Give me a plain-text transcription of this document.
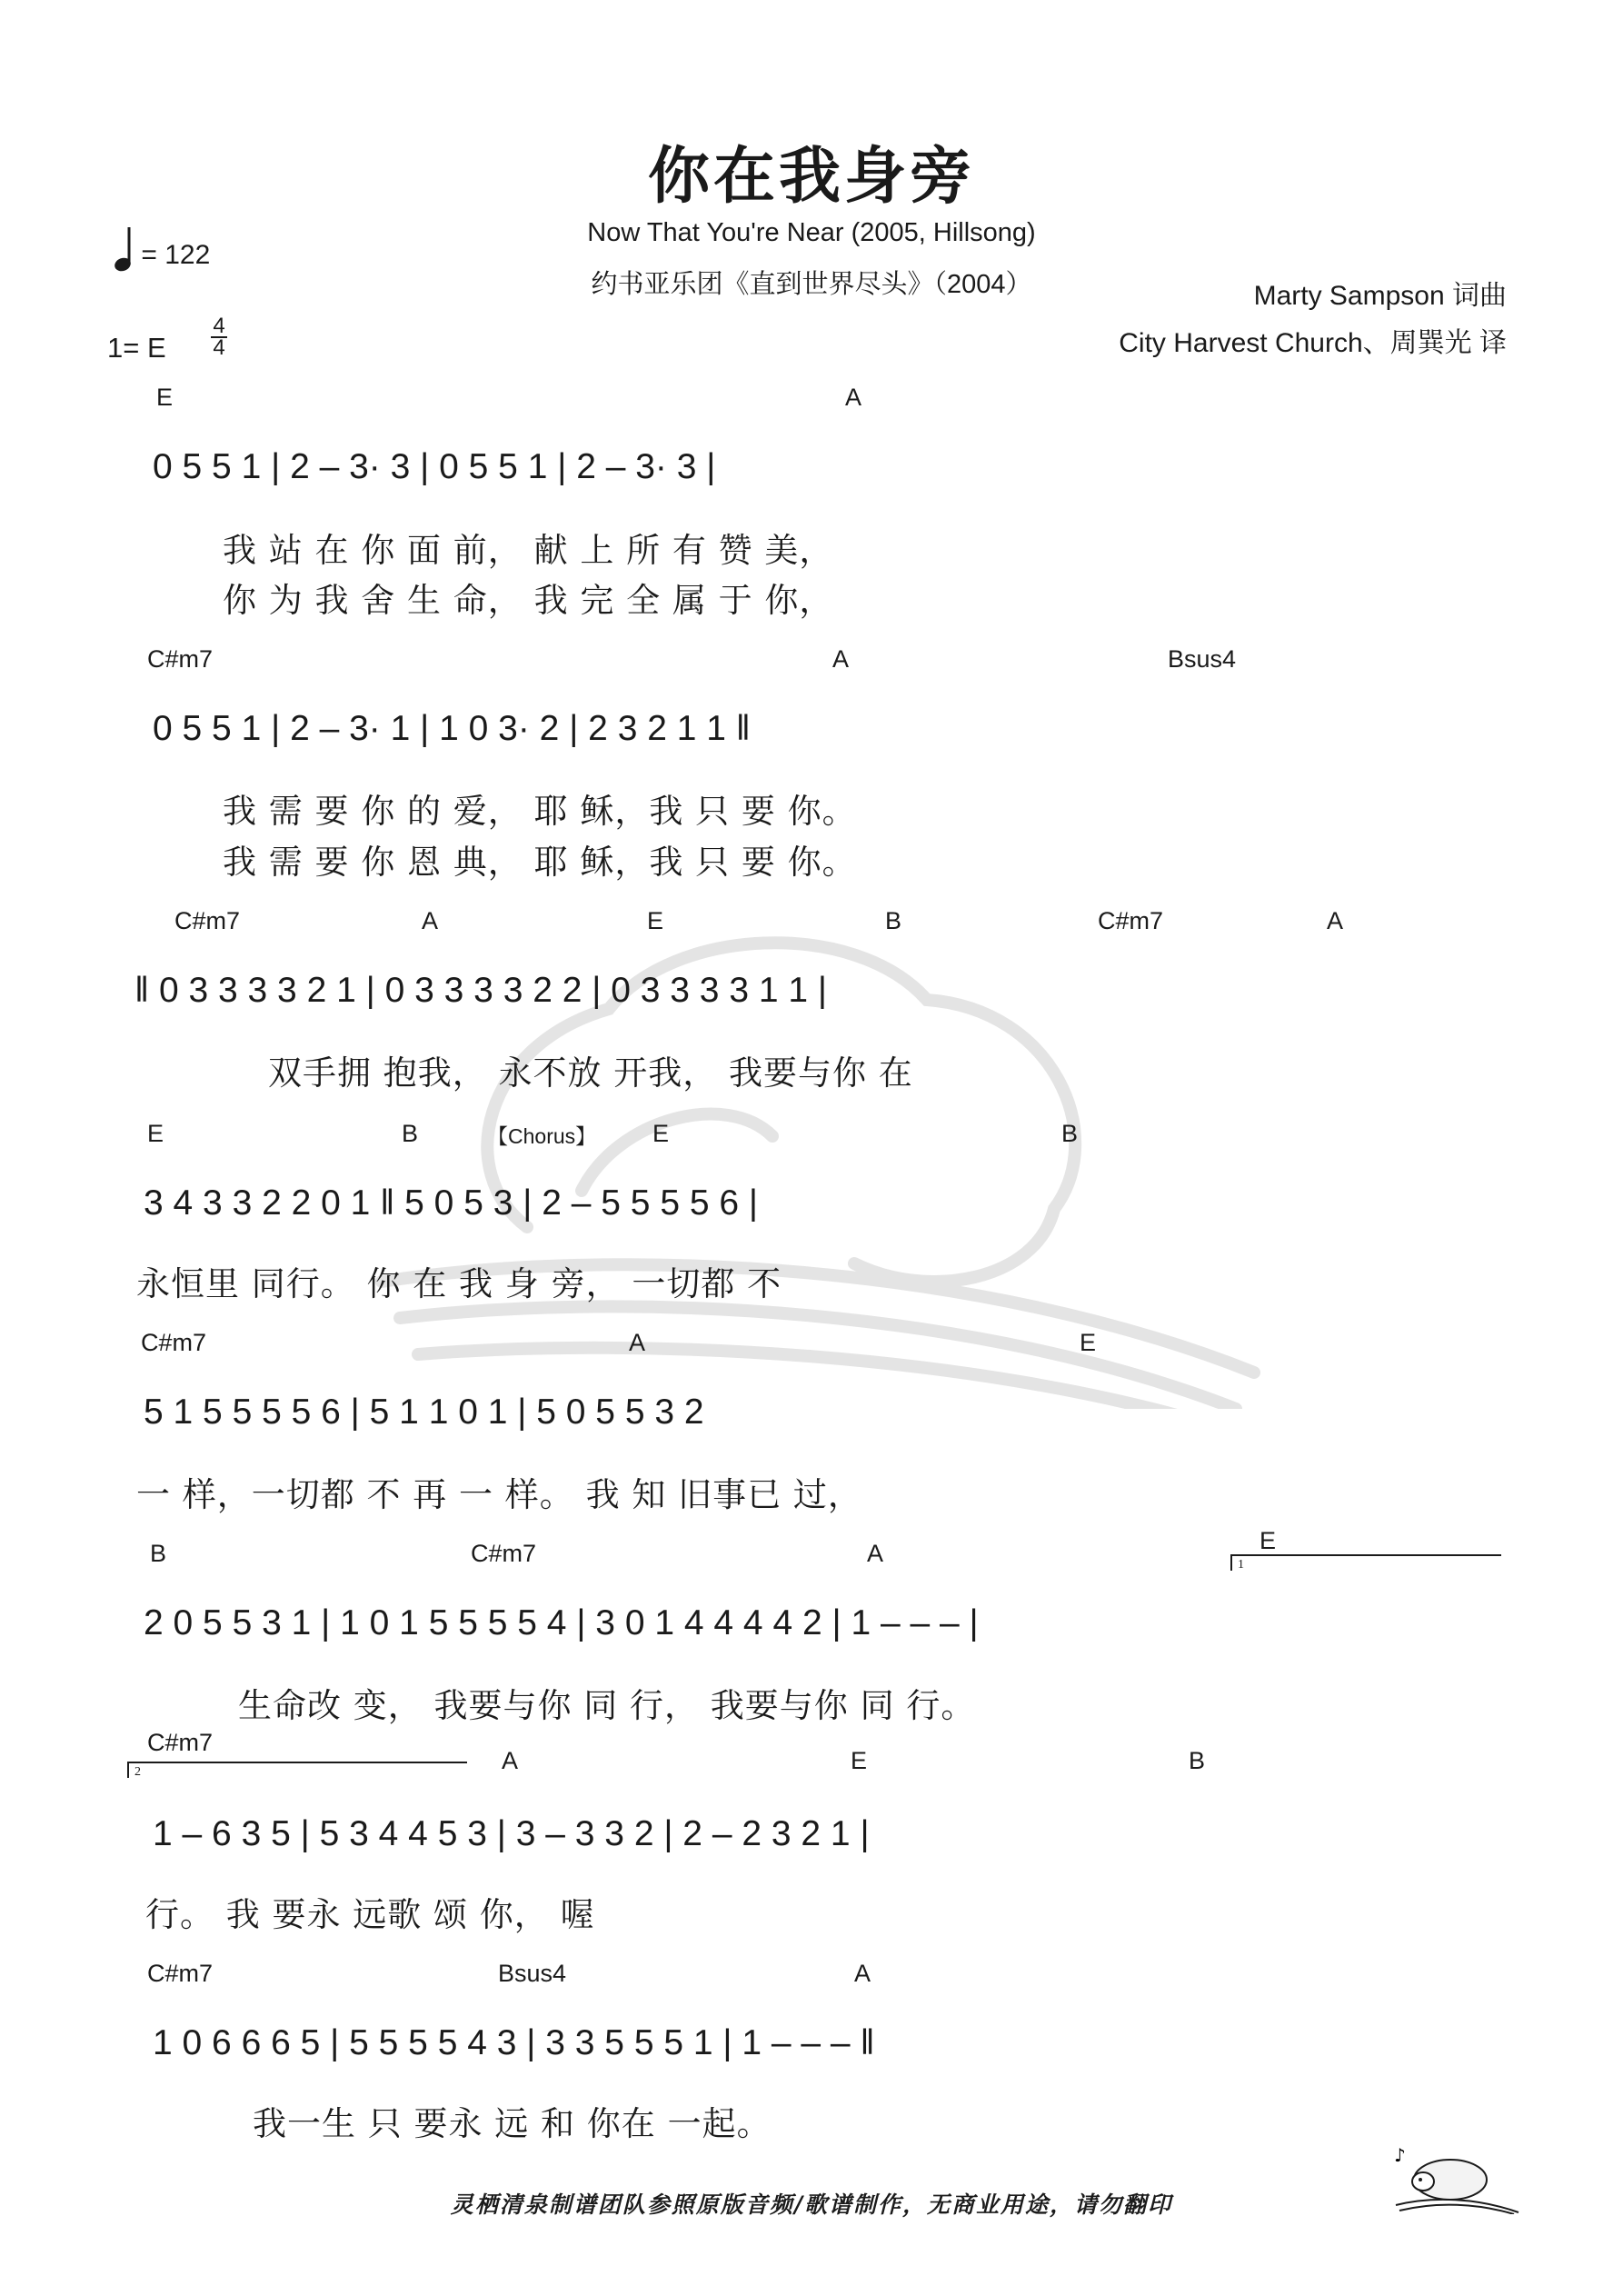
你在我身旁
Now That You're Near (2005, Hillsong)
约书亚乐团《直到世界尽头》（2004）	Marty Sampson 词曲
City Harvest Church、周巽光 译
= 122
1= E
4
4
E	A
0 5 5 1 | 2 – 3· 3 | 0 5 5 1 | 2 – 3· 3 |
我 站 在 你 面 前， 献 上 所 有 赞 美，
你 为 我 舍 生 命， 我 完 全 属 于 你，
C#m7	A	Bsus4
0 5 5 1 | 2 – 3· 1 | 1 0 3· 2 | 2 3 2 1 1 ‖
我 需 要 你 的 爱， 耶 稣，我 只 要 你。
我 需 要 你 恩 典， 耶 稣，我 只 要 你。
C#m7	A	E	B	C#m7	A
‖ 0 3 3 3 3 2 1 | 0 3 3 3 3 2 2 | 0 3 3 3 3 1 1 |
双手拥 抱我， 永不放 开我， 我要与你 在
E	B	【Chorus】 E	B
3 4 3 3 2 2 0 1 ‖ 5 0 5 3 | 2 – 5 5 5 5 6 |
永恒里 同行。 你 在 我 身 旁， 一切都 不
C#m7	A	E
5 1 5 5 5 5 6 | 5 1 1 0 1 | 5 0 5 5 3 2
一 样，一切都 不 再 一 样。 我 知 旧事已 过，
B	C#m7	A	E
1
2 0 5 5 3 1 | 1 0 1 5 5 5 5 4 | 3 0 1 4 4 4 4 2 | 1 – – – |
生命改 变， 我要与你 同 行， 我要与你 同 行。
C#m7
2	A	E	B
1 – 6 3 5 | 5 3 4 4 5 3 | 3 – 3 3 2 | 2 – 2 3 2 1 |
行。 我 要永 远歌 颂 你， 喔
C#m7	Bsus4	A
1 0 6 6 6 5 | 5 5 5 5 4 3 | 3 3 5 5 5 1 | 1 – – – ‖
我一生 只 要永 远 和 你在 一起。
灵栖清泉制谱团队参照原版音频/歌谱制作，无商业用途，请勿翻印
♪
